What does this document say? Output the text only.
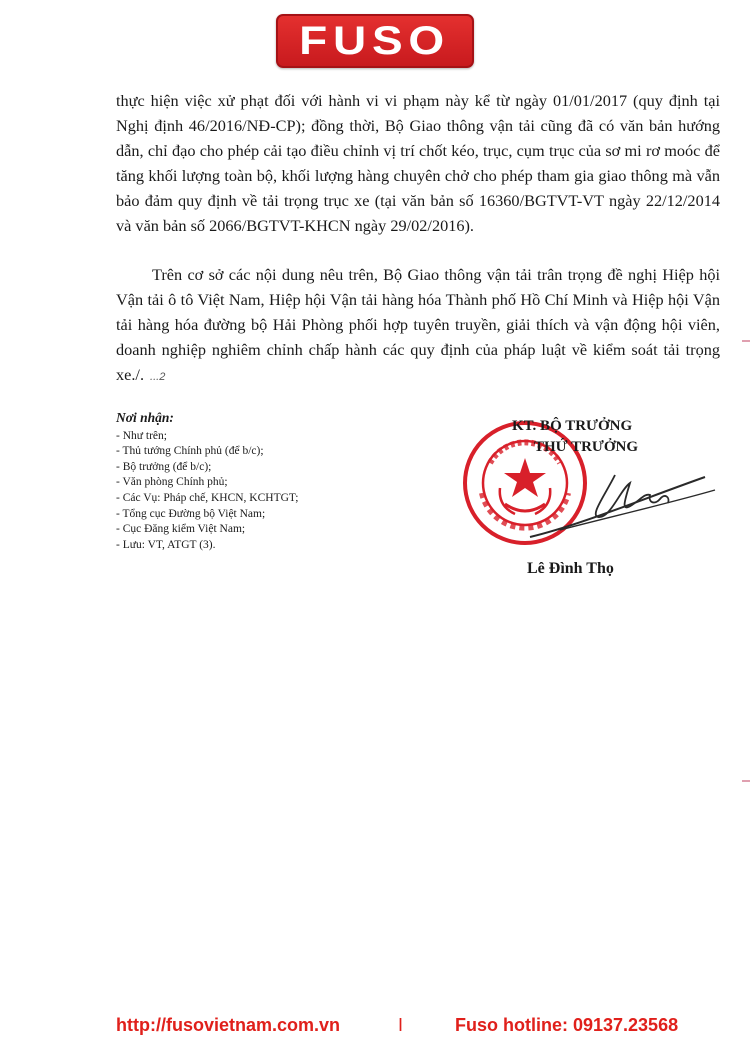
FUSO

thực hiện việc xử phạt đối với hành vi vi phạm này kể từ ngày 01/01/2017 (quy định tại Nghị định 46/2016/NĐ-CP); đồng thời, Bộ Giao thông vận tải cũng đã có văn bản hướng dẫn, chỉ đạo cho phép cải tạo điều chỉnh vị trí chốt kéo, trục, cụm trục của sơ mi rơ moóc để tăng khối lượng toàn bộ, khối lượng hàng chuyên chở cho phép tham gia giao thông mà vẫn bảo đảm quy định về tải trọng trục xe (tại văn bản số 16360/BGTVT-VT ngày 22/12/2014 và văn bản số 2066/BGTVT-KHCN ngày 29/02/2016).

Trên cơ sở các nội dung nêu trên, Bộ Giao thông vận tải trân trọng đề nghị Hiệp hội Vận tải ô tô Việt Nam, Hiệp hội Vận tải hàng hóa Thành phố Hồ Chí Minh và Hiệp hội Vận tải hàng hóa đường bộ Hải Phòng phối hợp tuyên truyền, giải thích và vận động hội viên, doanh nghiệp nghiêm chỉnh chấp hành các quy định của pháp luật về kiểm soát tải trọng xe./. ...2

Nơi nhận:
- Như trên;
- Thủ tướng Chính phủ (để b/c);
- Bộ trưởng (để b/c);
- Văn phòng Chính phủ;
- Các Vụ: Pháp chế, KHCN, KCHTGT;
- Tổng cục Đường bộ Việt Nam;
- Cục Đăng kiểm Việt Nam;
- Lưu: VT, ATGT (3).
KT. BỘ TRƯỞNG
THỨ TRƯỞNG
Lê Đình Thọ
http://fusovietnam.com.vn	I	Fuso hotline: 09137.23568
